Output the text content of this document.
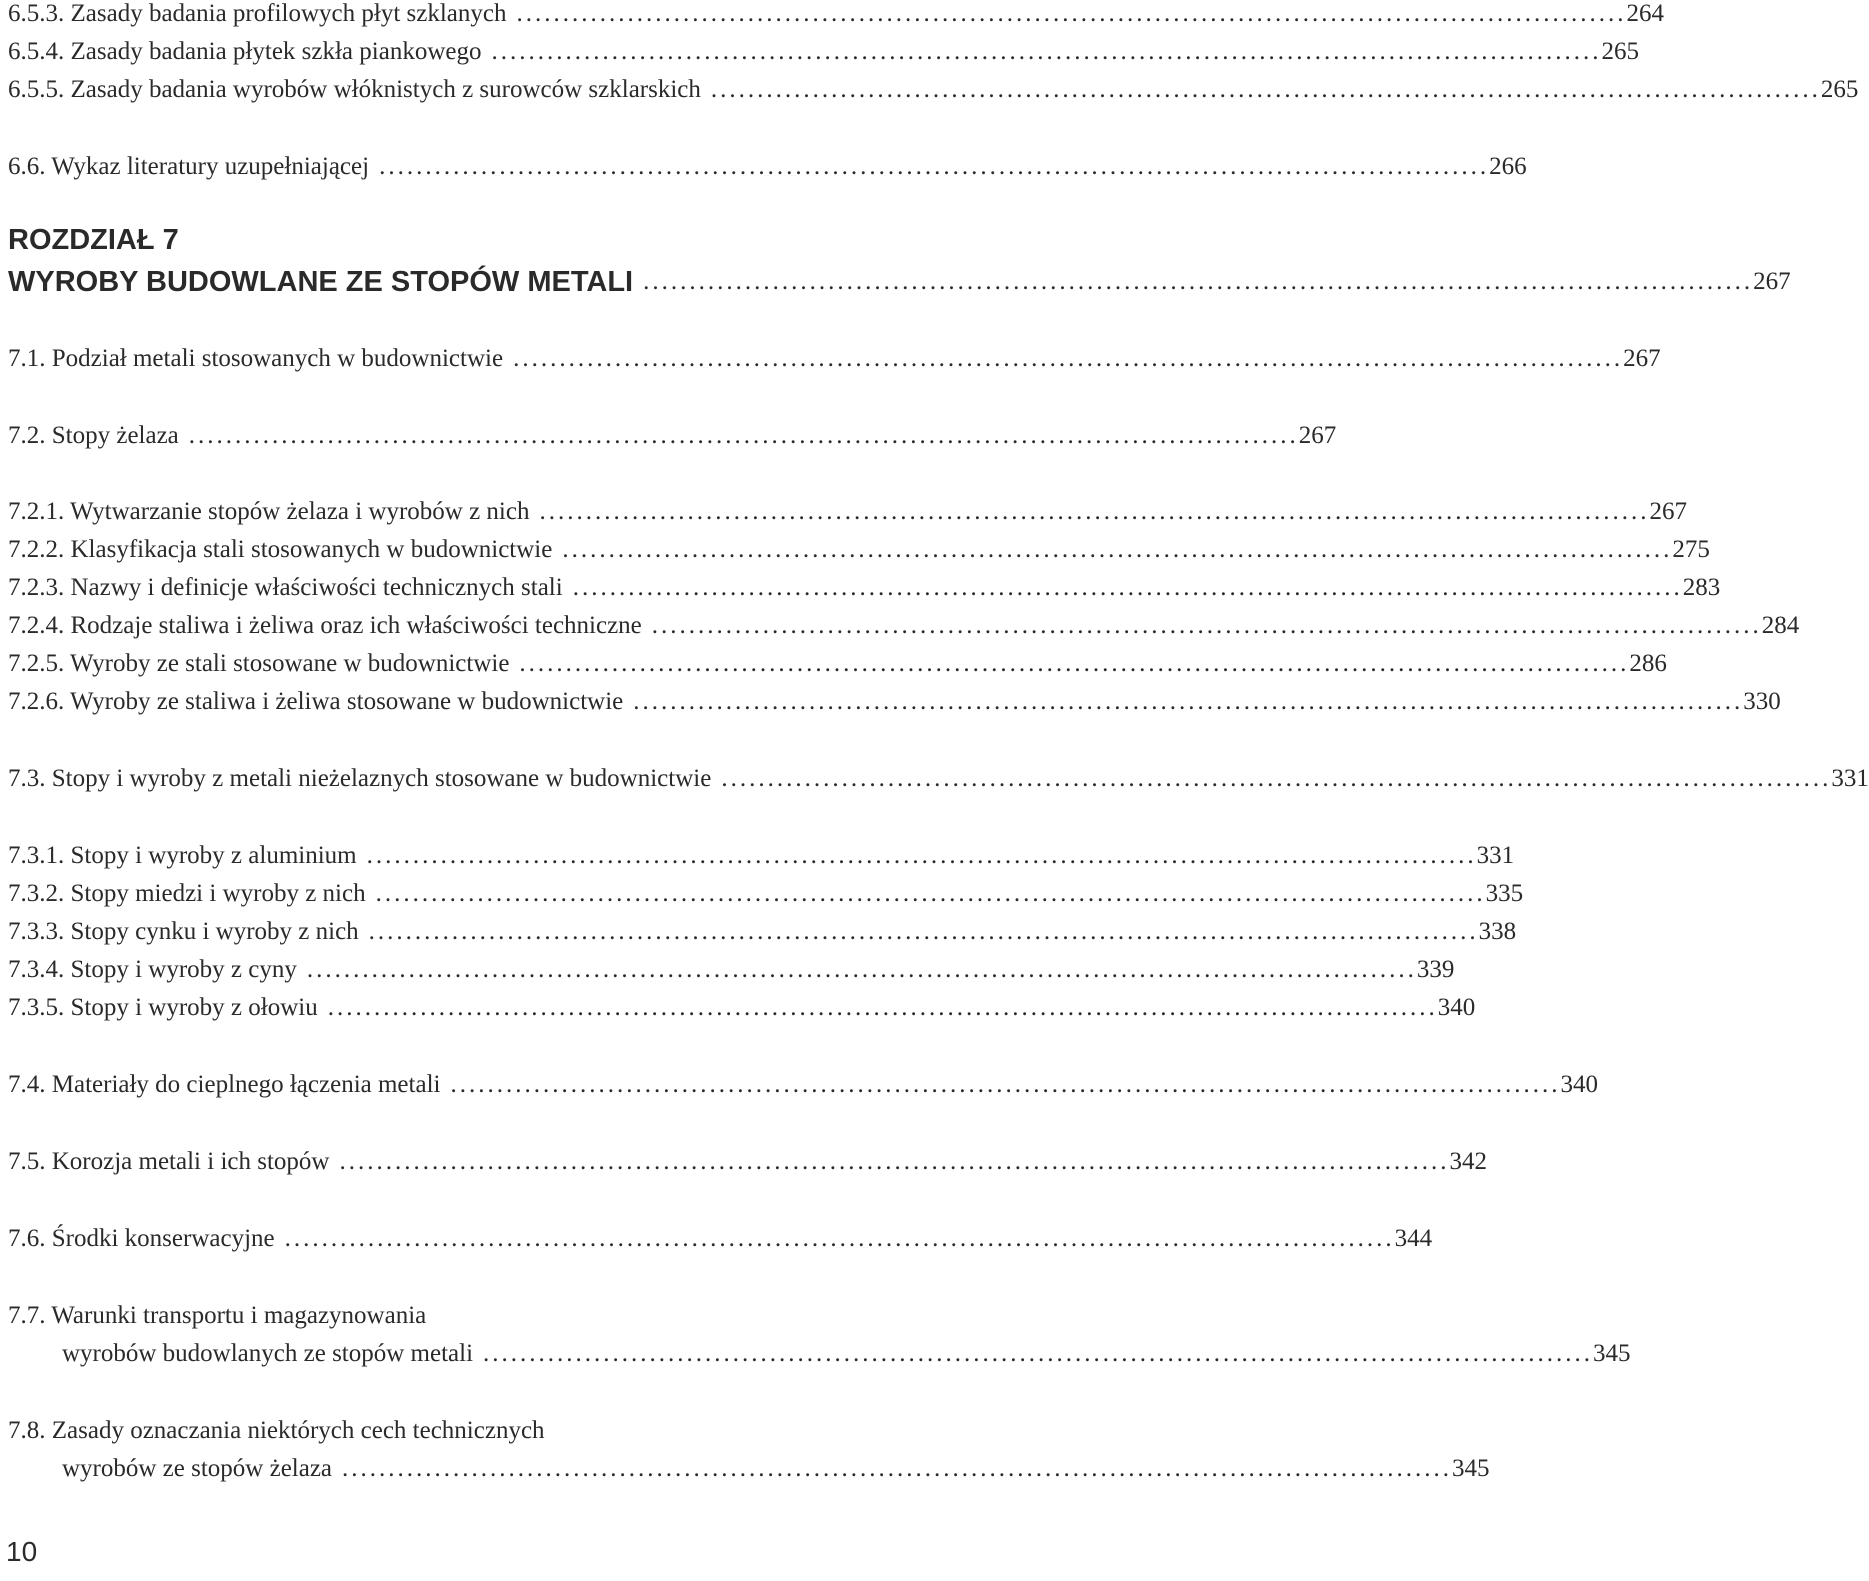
6.5.3. Zasady badania profilowych płyt szklanych ........................................................................................................................ 264
6.5.4. Zasady badania płytek szkła piankowego ........................................................................................................................ 265
6.5.5. Zasady badania wyrobów włóknistych z surowców szklarskich ........................................................................................................................ 265
6.6. Wykaz literatury uzupełniającej ........................................................................................................................ 266
ROZDZIAŁ 7
WYROBY BUDOWLANE ZE STOPÓW METALI ........................................................................................................................ 267
7.1. Podział metali stosowanych w budownictwie ........................................................................................................................ 267
7.2. Stopy żelaza ........................................................................................................................ 267
7.2.1. Wytwarzanie stopów żelaza i wyrobów z nich ........................................................................................................................ 267
7.2.2. Klasyfikacja stali stosowanych w budownictwie ........................................................................................................................ 275
7.2.3. Nazwy i definicje właściwości technicznych stali ........................................................................................................................ 283
7.2.4. Rodzaje staliwa i żeliwa oraz ich właściwości techniczne ........................................................................................................................ 284
7.2.5. Wyroby ze stali stosowane w budownictwie ........................................................................................................................ 286
7.2.6. Wyroby ze staliwa i żeliwa stosowane w budownictwie ........................................................................................................................ 330
7.3. Stopy i wyroby z metali nieżelaznych stosowane w budownictwie ........................................................................................................................ 331
7.3.1. Stopy i wyroby z aluminium ........................................................................................................................ 331
7.3.2. Stopy miedzi i wyroby z nich ........................................................................................................................ 335
7.3.3. Stopy cynku i wyroby z nich ........................................................................................................................ 338
7.3.4. Stopy i wyroby z cyny ........................................................................................................................ 339
7.3.5. Stopy i wyroby z ołowiu ........................................................................................................................ 340
7.4. Materiały do cieplnego łączenia metali ........................................................................................................................ 340
7.5. Korozja metali i ich stopów ........................................................................................................................ 342
7.6. Środki konserwacyjne ........................................................................................................................ 344
7.7. Warunki transportu i magazynowania
wyrobów budowlanych ze stopów metali ........................................................................................................................ 345
7.8. Zasady oznaczania niektórych cech technicznych
wyrobów ze stopów żelaza ........................................................................................................................ 345
10
